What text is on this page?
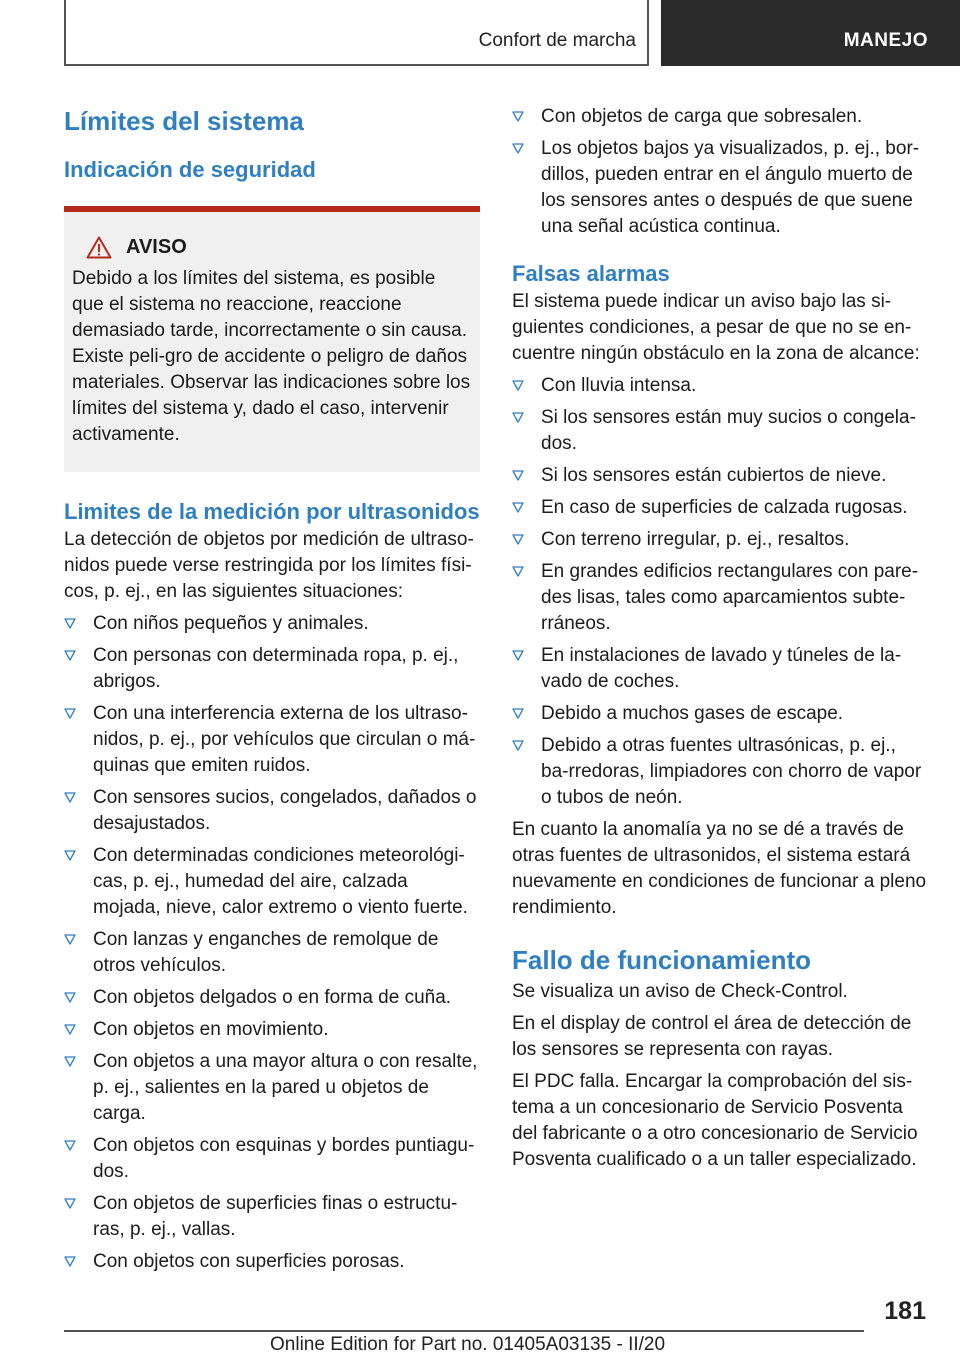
Confort de marcha	MANEJO
Límites del sistema
Indicación de seguridad
AVISO

Debido a los límites del sistema, es posible que el sistema no reaccione, reaccione demasiado tarde, incorrectamente o sin causa. Existe peli-gro de accidente o peligro de daños materiales. Observar las indicaciones sobre los límites del sistema y, dado el caso, intervenir activamente.

Limites de la medición por ultrasonidos

La detección de objetos por medición de ultraso-nidos puede verse restringida por los límites físi-cos, p. ej., en las siguientes situaciones:

Con niños pequeños y animales.
Con personas con determinada ropa, p. ej., abrigos.
Con una interferencia externa de los ultraso-nidos, p. ej., por vehículos que circulan o má-quinas que emiten ruidos.
Con sensores sucios, congelados, dañados o desajustados.
Con determinadas condiciones meteorológi-cas, p. ej., humedad del aire, calzada mojada, nieve, calor extremo o viento fuerte.
Con lanzas y enganches de remolque de otros vehículos.
Con objetos delgados o en forma de cuña.
Con objetos en movimiento.
Con objetos a una mayor altura o con resalte, p. ej., salientes en la pared u objetos de carga.
Con objetos con esquinas y bordes puntiagu-dos.
Con objetos de superficies finas o estructu-ras, p. ej., vallas.
Con objetos con superficies porosas.
Con objetos de carga que sobresalen.
Los objetos bajos ya visualizados, p. ej., bor-dillos, pueden entrar en el ángulo muerto de los sensores antes o después de que suene una señal acústica continua.
Falsas alarmas

El sistema puede indicar un aviso bajo las si-guientes condiciones, a pesar de que no se en-cuentre ningún obstáculo en la zona de alcance:

Con lluvia intensa.
Si los sensores están muy sucios o congela-dos.
Si los sensores están cubiertos de nieve.
En caso de superficies de calzada rugosas.
Con terreno irregular, p. ej., resaltos.
En grandes edificios rectangulares con pare-des lisas, tales como aparcamientos subte-rráneos.
En instalaciones de lavado y túneles de la-vado de coches.
Debido a muchos gases de escape.
Debido a otras fuentes ultrasónicas, p. ej., ba-rredoras, limpiadores con chorro de vapor o tubos de neón.

En cuanto la anomalía ya no se dé a través de otras fuentes de ultrasonidos, el sistema estará nuevamente en condiciones de funcionar a pleno rendimiento.

Fallo de funcionamiento

Se visualiza un aviso de Check-Control.

En el display de control el área de detección de los sensores se representa con rayas.

El PDC falla. Encargar la comprobación del sis-tema a un concesionario de Servicio Posventa del fabricante o a otro concesionario de Servicio Posventa cualificado o a un taller especializado.

181
Online Edition for Part no. 01405A03135 - II/20
